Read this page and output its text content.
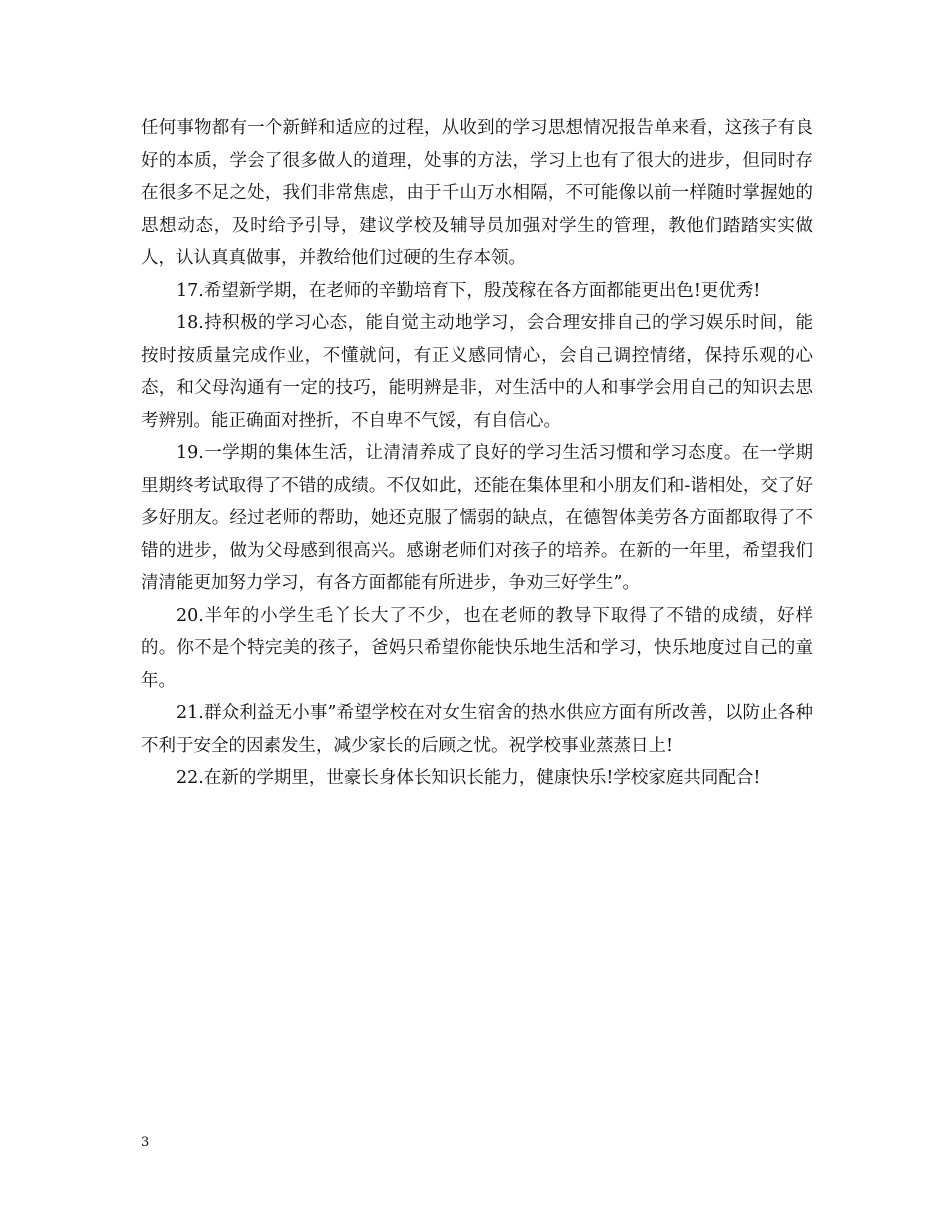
任何事物都有一个新鲜和适应的过程，从收到的学习思想情况报告单来看，这孩子有良好的本质，学会了很多做人的道理，处事的方法，学习上也有了很大的进步，但同时存在很多不足之处，我们非常焦虑，由于千山万水相隔，不可能像以前一样随时掌握她的思想动态，及时给予引导，建议学校及辅导员加强对学生的管理，教他们踏踏实实做人，认认真真做事，并教给他们过硬的生存本领。

17.希望新学期，在老师的辛勤培育下，殷茂稼在各方面都能更出色!更优秀!

18.持积极的学习心态，能自觉主动地学习，会合理安排自己的学习娱乐时间，能按时按质量完成作业，不懂就问，有正义感同情心，会自己调控情绪，保持乐观的心态，和父母沟通有一定的技巧，能明辨是非，对生活中的人和事学会用自己的知识去思考辨别。能正确面对挫折，不自卑不气馁，有自信心。

19.一学期的集体生活，让清清养成了良好的学习生活习惯和学习态度。在一学期里期终考试取得了不错的成绩。不仅如此，还能在集体里和小朋友们和-谐相处，交了好多好朋友。经过老师的帮助，她还克服了懦弱的缺点，在德智体美劳各方面都取得了不错的进步，做为父母感到很高兴。感谢老师们对孩子的培养。在新的一年里，希望我们清清能更加努力学习，有各方面都能有所进步，争劝三好学生”。

20.半年的小学生毛丫长大了不少，也在老师的教导下取得了不错的成绩，好样的。你不是个特完美的孩子，爸妈只希望你能快乐地生活和学习，快乐地度过自己的童年。

21.群众利益无小事”希望学校在对女生宿舍的热水供应方面有所改善，以防止各种不利于安全的因素发生，减少家长的后顾之忧。祝学校事业蒸蒸日上!

22.在新的学期里，世豪长身体长知识长能力，健康快乐!学校家庭共同配合!

3
